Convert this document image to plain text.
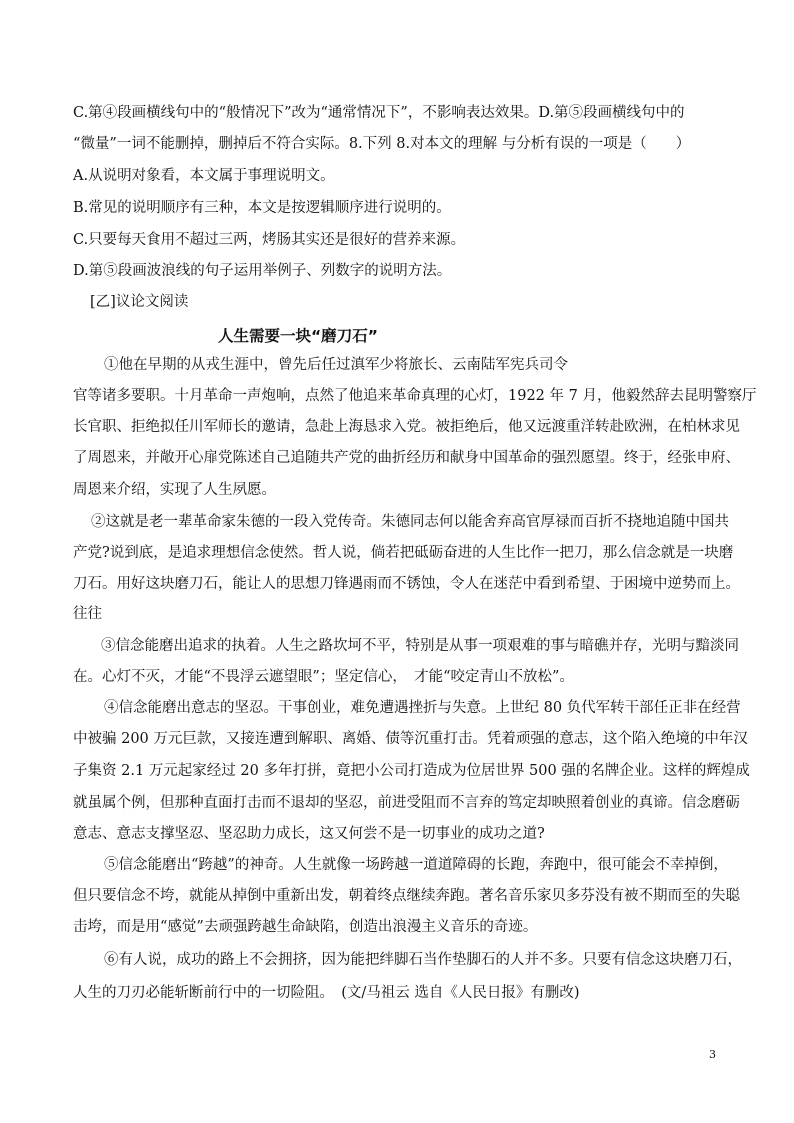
C.第④段画横线句中的“般情况下”改为“通常情况下”，不影响表达效果。D.第⑤段画横线句中的
“微量”一词不能删掉，删掉后不符合实际。8.下列 8.对本文的理解 与分析有误的一项是（　　）
A.从说明对象看，本文属于事理说明文。
B.常见的说明顺序有三种，本文是按逻辑顺序进行说明的。
C.只要每天食用不超过三两，烤肠其实还是很好的营养来源。
D.第⑤段画波浪线的句子运用举例子、列数字的说明方法。
[乙]议论文阅读
人生需要一块“磨刀石”
①他在早期的从戎生涯中，曾先后任过滇军少将旅长、云南陆军宪兵司令
官等诸多要职。十月革命一声炮响，点然了他追来革命真理的心灯，1922 年 7 月，他毅然辞去昆明警察厅
长官职、拒绝拟任川军师长的邀请，急赴上海恳求入党。被拒绝后，他又远渡重洋转赴欧洲，在柏林求见
了周恩来，并敞开心扉党陈述自己追随共产党的曲折经历和献身中国革命的强烈愿望。终于，经张申府、
周恩来介绍，实现了人生夙愿。
②这就是老一辈革命家朱德的一段入党传奇。朱德同志何以能舍弃高官厚禄而百折不挠地追随中国共
产党?说到底，是追求理想信念使然。哲人说，倘若把砥砺奋进的人生比作一把刀，那么信念就是一块磨
刀石。用好这块磨刀石，能让人的思想刀锋遇雨而不锈蚀，令人在迷茫中看到希望、于困境中逆势而上。
往往
③信念能磨出追求的执着。人生之路坎坷不平，特别是从事一项艰难的事与暗礁并存，光明与黯淡同
在。心灯不灭，才能“不畏浮云遮望眼”；坚定信心，　才能“咬定青山不放松”。
④信念能磨出意志的坚忍。干事创业，难免遭遇挫折与失意。上世纪 80 负代军转干部任正非在经营
中被骗 200 万元巨款，又接连遭到解职、离婚、债等沉重打击。凭着顽强的意志，这个陷入绝境的中年汉
子集资 2.1 万元起家经过 20 多年打拼，竟把小公司打造成为位居世界 500 强的名牌企业。这样的辉煌成
就虽属个例，但那种直面打击而不退却的坚忍，前进受阻而不言弃的笃定却映照着创业的真谛。信念磨砺
意志、意志支撑坚忍、坚忍助力成长，这又何尝不是一切事业的成功之道?
⑤信念能磨出“跨越”的神奇。人生就像一场跨越一道道障碍的长跑，奔跑中，很可能会不幸掉倒，
但只要信念不垮，就能从掉倒中重新出发，朝着终点继续奔跑。著名音乐家贝多芬没有被不期而至的失聪
击垮，而是用“感觉”去顽强跨越生命缺陷，创造出浪漫主义音乐的奇迹。
⑥有人说，成功的路上不会拥挤，因为能把绊脚石当作垫脚石的人并不多。只要有信念这块磨刀石，
人生的刀刃必能斩断前行中的一切险阻。　(文/马祖云 选自《人民日报》有删改)
3
